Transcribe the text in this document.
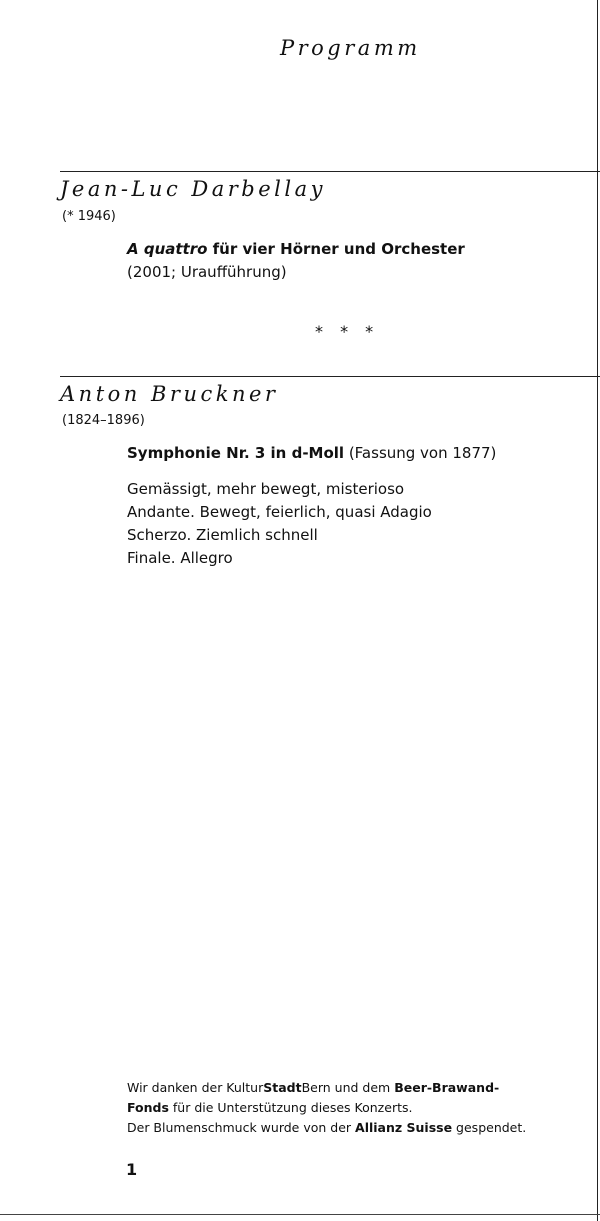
Programm
Jean-Luc Darbellay
(* 1946)
A quattro für vier Hörner und Orchester
(2001; Uraufführung)
* * *
Anton Bruckner
(1824–1896)
Symphonie Nr. 3 in d-Moll (Fassung von 1877)
Gemässigt, mehr bewegt, misterioso
Andante. Bewegt, feierlich, quasi Adagio
Scherzo. Ziemlich schnell
Finale. Allegro
Wir danken der KulturStadtBern und dem Beer-Brawand-
Fonds für die Unterstützung dieses Konzerts.
Der Blumenschmuck wurde von der Allianz Suisse gespendet.
1
